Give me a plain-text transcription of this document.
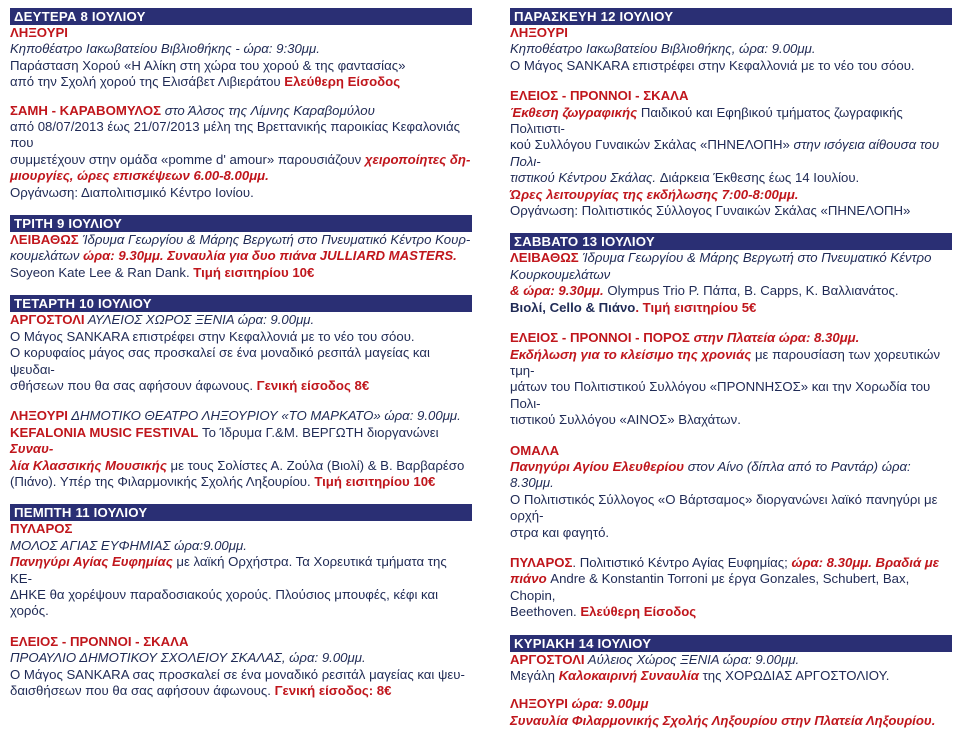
ΔΕΥΤΕΡΑ 8 ΙΟΥΛΙΟΥ

ΛΗΞΟΥΡΙ

Κηποθέατρο Ιακωβατείου Βιβλιοθήκης - ώρα: 9:30μμ.

Παράσταση Χορού «Η Αλίκη στη χώρα του χορού & της φαντασίας»

από την Σχολή χορού της Ελισάβετ Λιβιεράτου Ελεύθερη Είσοδος

ΣΑΜΗ - ΚΑΡΑΒΟΜΥΛΟΣ στο Άλσος της Λίμνης Καραβομύλου

από 08/07/2013 έως 21/07/2013 μέλη της Βρεττανικής παροικίας Κεφαλονιάς που

συμμετέχουν στην ομάδα «pomme d' amour» παρουσιάζουν χειροποίητες δη-

μιουργίες, ώρες επισκέψεων 6.00-8.00μμ.

Οργάνωση: Διαπολιτισμικό Κέντρο Ιονίου.

ΤΡΙΤΗ 9 ΙΟΥΛΙΟΥ

ΛΕΙΒΑΘΩΣ Ίδρυμα Γεωργίου & Μάρης Βεργωτή στο Πνευματικό Κέντρο Κουρ-

κουμελάτων ώρα: 9.30μμ. Συναυλία για δυο πιάνα JULLIARD MASTERS.

Soyeon Kate Lee & Ran Dank. Τιμή εισιτηρίου 10€

ΤΕΤΑΡΤΗ 10 ΙΟΥΛΙΟΥ

ΑΡΓΟΣΤΟΛΙ ΑΥΛΕΙΟΣ ΧΩΡΟΣ ΞΕΝΙΑ ώρα: 9.00μμ.

Ο Μάγος SANKARA επιστρέφει στην Κεφαλλονιά με το νέο του σόου.

Ο κορυφαίος μάγος σας προσκαλεί σε ένα μοναδικό ρεσιτάλ μαγείας και ψευδαι-

σθήσεων που θα σας αφήσουν άφωνους. Γενική είσοδος 8€

ΛΗΞΟΥΡΙ ΔΗΜΟΤΙΚΟ ΘΕΑΤΡΟ ΛΗΞΟΥΡΙΟΥ «ΤΟ ΜΑΡΚΑΤΟ» ώρα: 9.00μμ.

KEFALONIA MUSIC FESTIVAL Το Ίδρυμα Γ.&Μ. ΒΕΡΓΩΤΗ διοργανώνει Συναυ-

λία Κλασσικής Μουσικής με τους Σολίστες Α. Ζούλα (Βιολί) & Β. Βαρβαρέσο

(Πιάνο). Υπέρ της Φιλαρμονικής Σχολής Ληξουρίου. Τιμή εισιτηρίου 10€

ΠΕΜΠΤΗ 11 ΙΟΥΛΙΟΥ

ΠΥΛΑΡΟΣ

ΜΟΛΟΣ ΑΓΙΑΣ ΕΥΦΗΜΙΑΣ ώρα:9.00μμ.

Πανηγύρι Αγίας Ευφημίας με λαϊκή Ορχήστρα. Τα Χορευτικά τμήματα της ΚΕ-

ΔΗΚΕ θα χορέψουν παραδοσιακούς χορούς. Πλούσιος μπουφές, κέφι και χορός.

ΕΛΕΙΟΣ - ΠΡΟΝΝΟΙ - ΣΚΑΛΑ

ΠΡΟΑΥΛΙΟ ΔΗΜΟΤΙΚΟΥ ΣΧΟΛΕΙΟΥ ΣΚΑΛΑΣ, ώρα: 9.00μμ.

Ο Μάγος SANKARA σας προσκαλεί σε ένα μοναδικό ρεσιτάλ μαγείας και ψευ-

δαισθήσεων που θα σας αφήσουν άφωνους. Γενική είσοδος: 8€

ΠΑΡΑΣΚΕΥΗ 12 ΙΟΥΛΙΟΥ

ΛΗΞΟΥΡΙ

Κηποθέατρο Ιακωβατείου Βιβλιοθήκης, ώρα: 9.00μμ.

Ο Μάγος SANKARA επιστρέφει στην Κεφαλλονιά με το νέο του σόου.

ΕΛΕΙΟΣ - ΠΡΟΝΝΟΙ - ΣΚΑΛΑ

Έκθεση ζωγραφικής Παιδικού και Εφηβικού τμήματος ζωγραφικής Πολιτιστι-

κού Συλλόγου Γυναικών Σκάλας «ΠΗΝΕΛΟΠΗ» στην ισόγεια αίθουσα του Πολι-

τιστικού Κέντρου Σκάλας. Διάρκεια Έκθεσης έως 14 Ιουλίου.

Ώρες λειτουργίας της εκδήλωσης 7:00-8:00μμ.

Οργάνωση: Πολιτιστικός Σύλλογος Γυναικών Σκάλας «ΠΗΝΕΛΟΠΗ»

ΣΑΒΒΑΤΟ 13 ΙΟΥΛΙΟΥ

ΛΕΙΒΑΘΩΣ Ίδρυμα Γεωργίου & Μάρης Βεργωτή στο Πνευματικό Κέντρο Κουρκουμελάτων

& ώρα: 9.30μμ. Olympus Trio P. Πάπα, B. Capps, K. Βαλλιανάτος.

Βιολί, Cello & Πιάνο. Τιμή εισιτηρίου 5€

ΕΛΕΙΟΣ - ΠΡΟΝΝΟΙ - ΠΟΡΟΣ στην Πλατεία ώρα: 8.30μμ.

Εκδήλωση για το κλείσιμο της χρονιάς με παρουσίαση των χορευτικών τμη-

μάτων του Πολιτιστικού Συλλόγου «ΠΡΟΝΝΗΣΟΣ» και την Χορωδία του Πολι-

τιστικού Συλλόγου «ΑΙΝΟΣ» Βλαχάτων.

ΟΜΑΛΑ

Πανηγύρι Αγίου Ελευθερίου στον Αίνο (δίπλα από το Ραντάρ) ώρα: 8.30μμ.

Ο Πολιτιστικός Σύλλογος «Ο Βάρτσαμος» διοργανώνει λαϊκό πανηγύρι με ορχή-

στρα και φαγητό.

ΠΥΛΑΡΟΣ. Πολιτιστικό Κέντρο Αγίας Ευφημίας; ώρα: 8.30μμ. Βραδιά με

πιάνο Andre & Konstantin Torroni με έργα Gonzales, Schubert, Bax, Chopin,

Beethoven. Ελεύθερη Είσοδος

ΚΥΡΙΑΚΗ 14 ΙΟΥΛΙΟΥ

ΑΡΓΟΣΤΟΛΙ Αύλειος Χώρος ΞΕΝΙΑ ώρα: 9.00μμ.

Μεγάλη Καλοκαιρινή Συναυλία της ΧΟΡΩΔΙΑΣ ΑΡΓΟΣΤΟΛΙΟΥ.

ΛΗΞΟΥΡΙ ώρα: 9.00μμ

Συναυλία Φιλαρμονικής Σχολής Ληξουρίου στην Πλατεία Ληξουρίου.
